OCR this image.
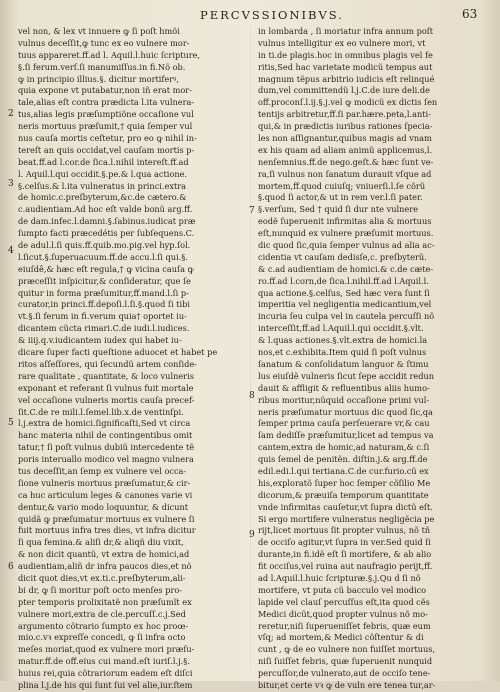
PERCVSSIONIBVS.	63
vel non, & lex vt innuere ꝙ ſi poſt hmõi
vulnus deceſſit,ꝙ tunc ex eo vulnere mor-
tuus appareret.ff.ad l. Aquil.l.huic ſcripture,
§.ſi ferum.verſ.ſi manumiſſus.in fi.Nõ ob.
ꝙ in principio illius.§. dicitur mortiferꝰ,
quia expone vt putabatur,non iñ erat mor-
tale,alias eſt contra prædicta l.ita vulnera-
tus,alias legis præſumptiõne occaſione vul
neris mortuus præſumit,† quia ſemper vul
nus cauſa mortis ceſtetur, pro eo ꝙ nihil in-
tereſt an quis occidat,vel cauſam mortis p-
beat.ff.ad l.cor.de ſica.l.nihil intereſt.ff.ad
l. Aquil.l.qui occidit.§.pe.& l.qua actione.
§.celſus.& l.ita vulneratus in princi.extra
de homic.c.preſbyterum,&c.de cætero.&
c.audientiam.Ad hoc eſt valde bonũ arg.ff.
de dam.infec.l.damni.§.ſabinus.iudicat præ
ſumpto facti præcedétis per ſubſequens.C.
de adul.l.ſi quis.ff.quib.mo.pig.vel hyp.ſol.
l.ſicut.§.ſuperuacuum.ff.de accu.l.ſi qui.§.
eiuſdê,& hæc eſt regula,† ꝙ vicina cauſa ꝙ
præceſſit inſpicitur,& conſideratur, que ſe
quitur in forma præſumitur,ff.mand.l.ſi p-
curator,in princi.ff.depoſi.l.ſi.§.quod ſi tibi
vt.§.ſi ferum in fi.verum quia† oportet iu-
dicantem cũcta rimari.C.de iudi.l.iudices.
& iiij.q.v.iudicantem iudex qui habet iu-
dicare ſuper facti queſtione aduocet et habet pe
ritos aſſeſſores, qui ſecundũ artem conſide-
rare qualitate , quantitate, & loco vulneris
exponant et referant ſi vulnus fuit mortale
vel occaſione vulneris mortis cauſa precef-
ſit.C.de re mili.l.ſemel.lib.x.de ventinſpi.
l.j.extra de homici.ſignificaſti,Sed vt circa
hanc materia nihil de contingentibus omit
tatur,† ſi poſt vulnus dubiũ intercedente tẽ
poris interuallo modico vel magno vulnera
tus deceſſit,an ſemp ex vulnere vel occa-
ſione vulneris mortuus præſumatur,& cir-
ca huc articulum leges & canones varie vi
dentur,& vario modo loquuntur, & dicunt
quidã ꝙ præſumatur mortuus ex vulnere ſi
fuit mortuus infra tres dies, vt infra dicitur
ſi qua femina.& aliſi dr,& aliqñ diu vixit,
& non dicit quantũ, vt extra de homici,ad
audientiam,aliñ dr infra paucos dies,et nõ
dicit quot dies,vt ex.ti.c.preſbyterum,ali-
bi dr, ꝙ ſi moritur poſt octo menſes pro-
pter temporis prolixitatẽ non præſumĩt ex
vulnere mori,extra de cle.percuſſ.c.j.Sed
argumento cõtrario ſumpto ex hoc proœ-
mio.c.vꝛ expreſſe concedi, ꝙ ſi infra octo
meſes moriat,quod ex vulnere mori præſu-
matur.ff.de off.eius cui mand.eſt iuriſ.l.j.§.
huius rei,quia cõtrariorum eadem eſt diſci
plina l.j.de his qui ſunt ſui vel alie,iur.ſtem
in lombarda , ſi moriatur infra annum poſt
vulnus intelligitur ex eo vulnere mori, vt
in ti.de plagis.hoc in omnibus plagis vel fe
ritis,Sed hac varietate modicũ tempus aut
magnum tẽpus arbitrio iudicis eſt relinqué
dum,vel committendũ l.j.C.de iure deli.de
off.proconſ.l.ij.§.j.vel ꝙ modicũ ex dictis ſen
tentijs arbitretur,ff.ſi par.hære.peta,l.anti-
qui,& in prædictis iuribus rationes ſpecia-
les non aſſignantur,quibus magis ad vnam
ex his quam ad aliam animũ applicemus,l.
nenſemnius.ff.de nego.geſt.& hæc ſunt ve-
ra,ſi vulnus non ſanatum durauit vſque ad
mortem,ff.quod cuiuſq; vniuerſi.l.ſe cõrũ
§.quod ſi actor,& ut in rem ver.l.ſi pater.
§.verſum, Sed † quid ſi dur nte vulnere
eodẽ ſuperuenit infirmitas alia & mortuus
eſt,nunquid ex vulnere præſumit mortuus.
dic quod ſic,quia ſemper vulnus ad alia ac-
cidentia vt cauſam dedisſe,c. preſbyterũ.
& c.ad audientiam de homici.& c.de cæte-
ro.ff.ad l.corn,de ſica.l.nihil.ff.ad l.Aquil.l.
qua actione.§.celſus, Sed hæc vera ſunt ſi
imperitia vel negligentia medicantium,vel
incuria ſeu culpa vel in cautela percuſſi nõ
interceſſit,ff.ad l.Aquil.l.qui occidit.§.vlt.
& l.quas actiones.§.vlt.extra de homici.la
nos,et c.exhibita.Item quid ſi poſt vulnus
ſanatum & conſolidatum languor & ſtimu
lus eiuſdẽ vulneris ſicut ſepe accidit redun
dauit & affligit & refluentibus aliis humo-
ribus moritur,nũquid occaſione primi vul-
neris præſumatur mortuus dic quod ſic,qa
ſemper prima cauſa perſeuerare vr,& cau
ſam dediſſe præſumitur,licet ad tempus va
cantem,extra de homic,ad naturam,& c.ſi
quis ſemel de penitẽn. diſtin.j.& arg.ff.de
edil.edi.l.qui tertiana.C.de cur.furio.cũ ex
his,exploratõ ſuper hoc ſemper cõſilio Me
dicorum,& præuiſa temporum quantitate
vnde infirmitas cauſetur,vt ſupra dictũ eſt.
Si ergo mortifere vulneratus negligẽcia pe
rijt,licet mortuus ſit propter vulnus, nõ tñ
de occiſo agitur,vt ſupra in ver.Sed quid ſi
durante,in fi.idẽ eſt ſi mortifere, & ab alio
fit occiſus,vel ruina aut naufragio perijt,ff.
ad l.Aquil.l.huic ſcripturæ.§.j.Qu d ſi nõ
mortifere, vt puta cũ bacculo vel modico
lapide vel clauſ percuſſus eſt,ita quod cẽs
Medici dicũt,quod propter vulnus nõ mo-
reretur,niſi ſuperueniſſet febris, quæ eum
vſq; ad mortem,& Medici cõſtentur & di
cunt , ꝙ de eo vulnere non fuiſſet mortuus,
niſi ſuiſſet febris, quæ ſuperuenit nunquid
percuſſor,de vulnerato,aut de occiſo tene-
bitur,et certe vꝛ ꝙ de vuln ere tenea tur,ar-
2
3
4
5
6
7
8
9
